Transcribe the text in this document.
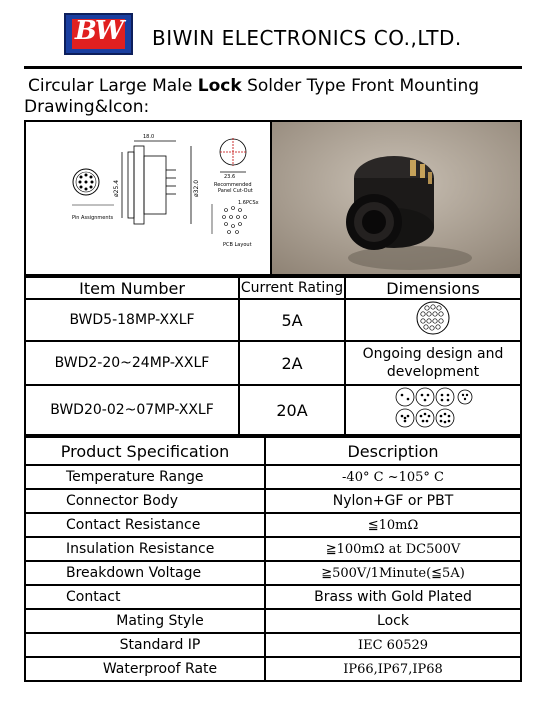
BW	BIWIN ELECTRONICS CO.,LTD.
Circular Large Male Lock Solder Type Front Mounting
Drawing&Icon:
Pin Assignments
18.0
ø25.4	ø32.0
23.6
Recommended
Panel Cut-Out
1.6PCSx
PCB Layout
Item Number	Current Rating	Dimensions
BWD5-18MP-XXLF	5A	
BWD2-20~24MP-XXLF	2A	Ongoing design and development
BWD20-02~07MP-XXLF	20A	
Product Specification	Description
Temperature Range	-40° C ~105° C
Connector Body	Nylon+GF or PBT
Contact Resistance	≦10mΩ
Insulation Resistance	≧100mΩ at DC500V
Breakdown Voltage	≧500V/1Minute(≦5A)
Contact	Brass with Gold Plated
Mating Style	Lock
Standard IP	IEC 60529
Waterproof Rate	IP66,IP67,IP68
